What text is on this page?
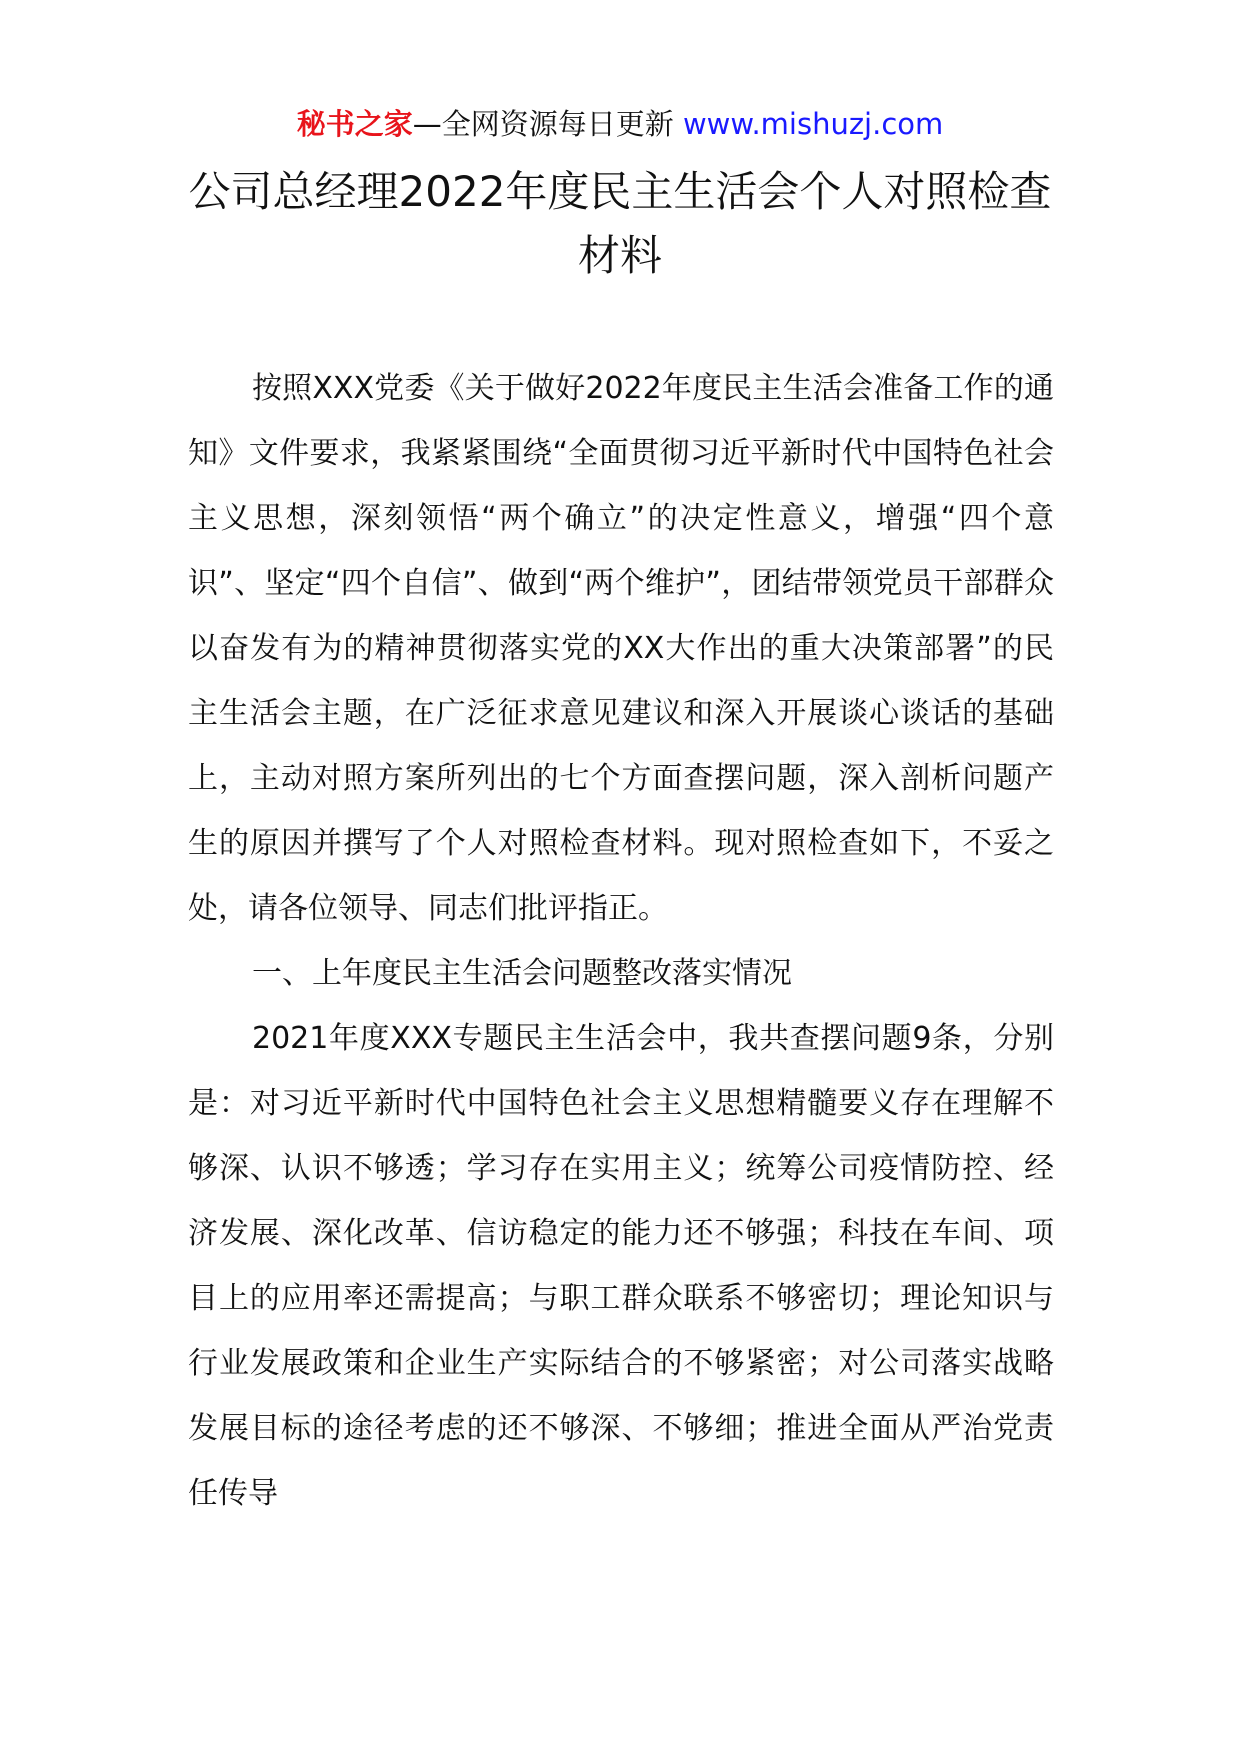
秘书之家—全网资源每日更新 www.mishuzj.com
公司总经理2022年度民主生活会个人对照检查材料

按照XXX党委《关于做好2022年度民主生活会准备工作的通知》文件要求，我紧紧围绕“全面贯彻习近平新时代中国特色社会主义思想，深刻领悟“两个确立”的决定性意义，增强“四个意识”、坚定“四个自信”、做到“两个维护”，团结带领党员干部群众以奋发有为的精神贯彻落实党的XX大作出的重大决策部署”的民主生活会主题，在广泛征求意见建议和深入开展谈心谈话的基础上，主动对照方案所列出的七个方面查摆问题，深入剖析问题产生的原因并撰写了个人对照检查材料。现对照检查如下，不妥之处，请各位领导、同志们批评指正。

一、上年度民主生活会问题整改落实情况

2021年度XXX专题民主生活会中，我共查摆问题9条，分别是：对习近平新时代中国特色社会主义思想精髓要义存在理解不够深、认识不够透；学习存在实用主义；统筹公司疫情防控、经济发展、深化改革、信访稳定的能力还不够强；科技在车间、项目上的应用率还需提高；与职工群众联系不够密切；理论知识与行业发展政策和企业生产实际结合的不够紧密；对公司落实战略发展目标的途径考虑的还不够深、不够细；推进全面从严治党责任传导
